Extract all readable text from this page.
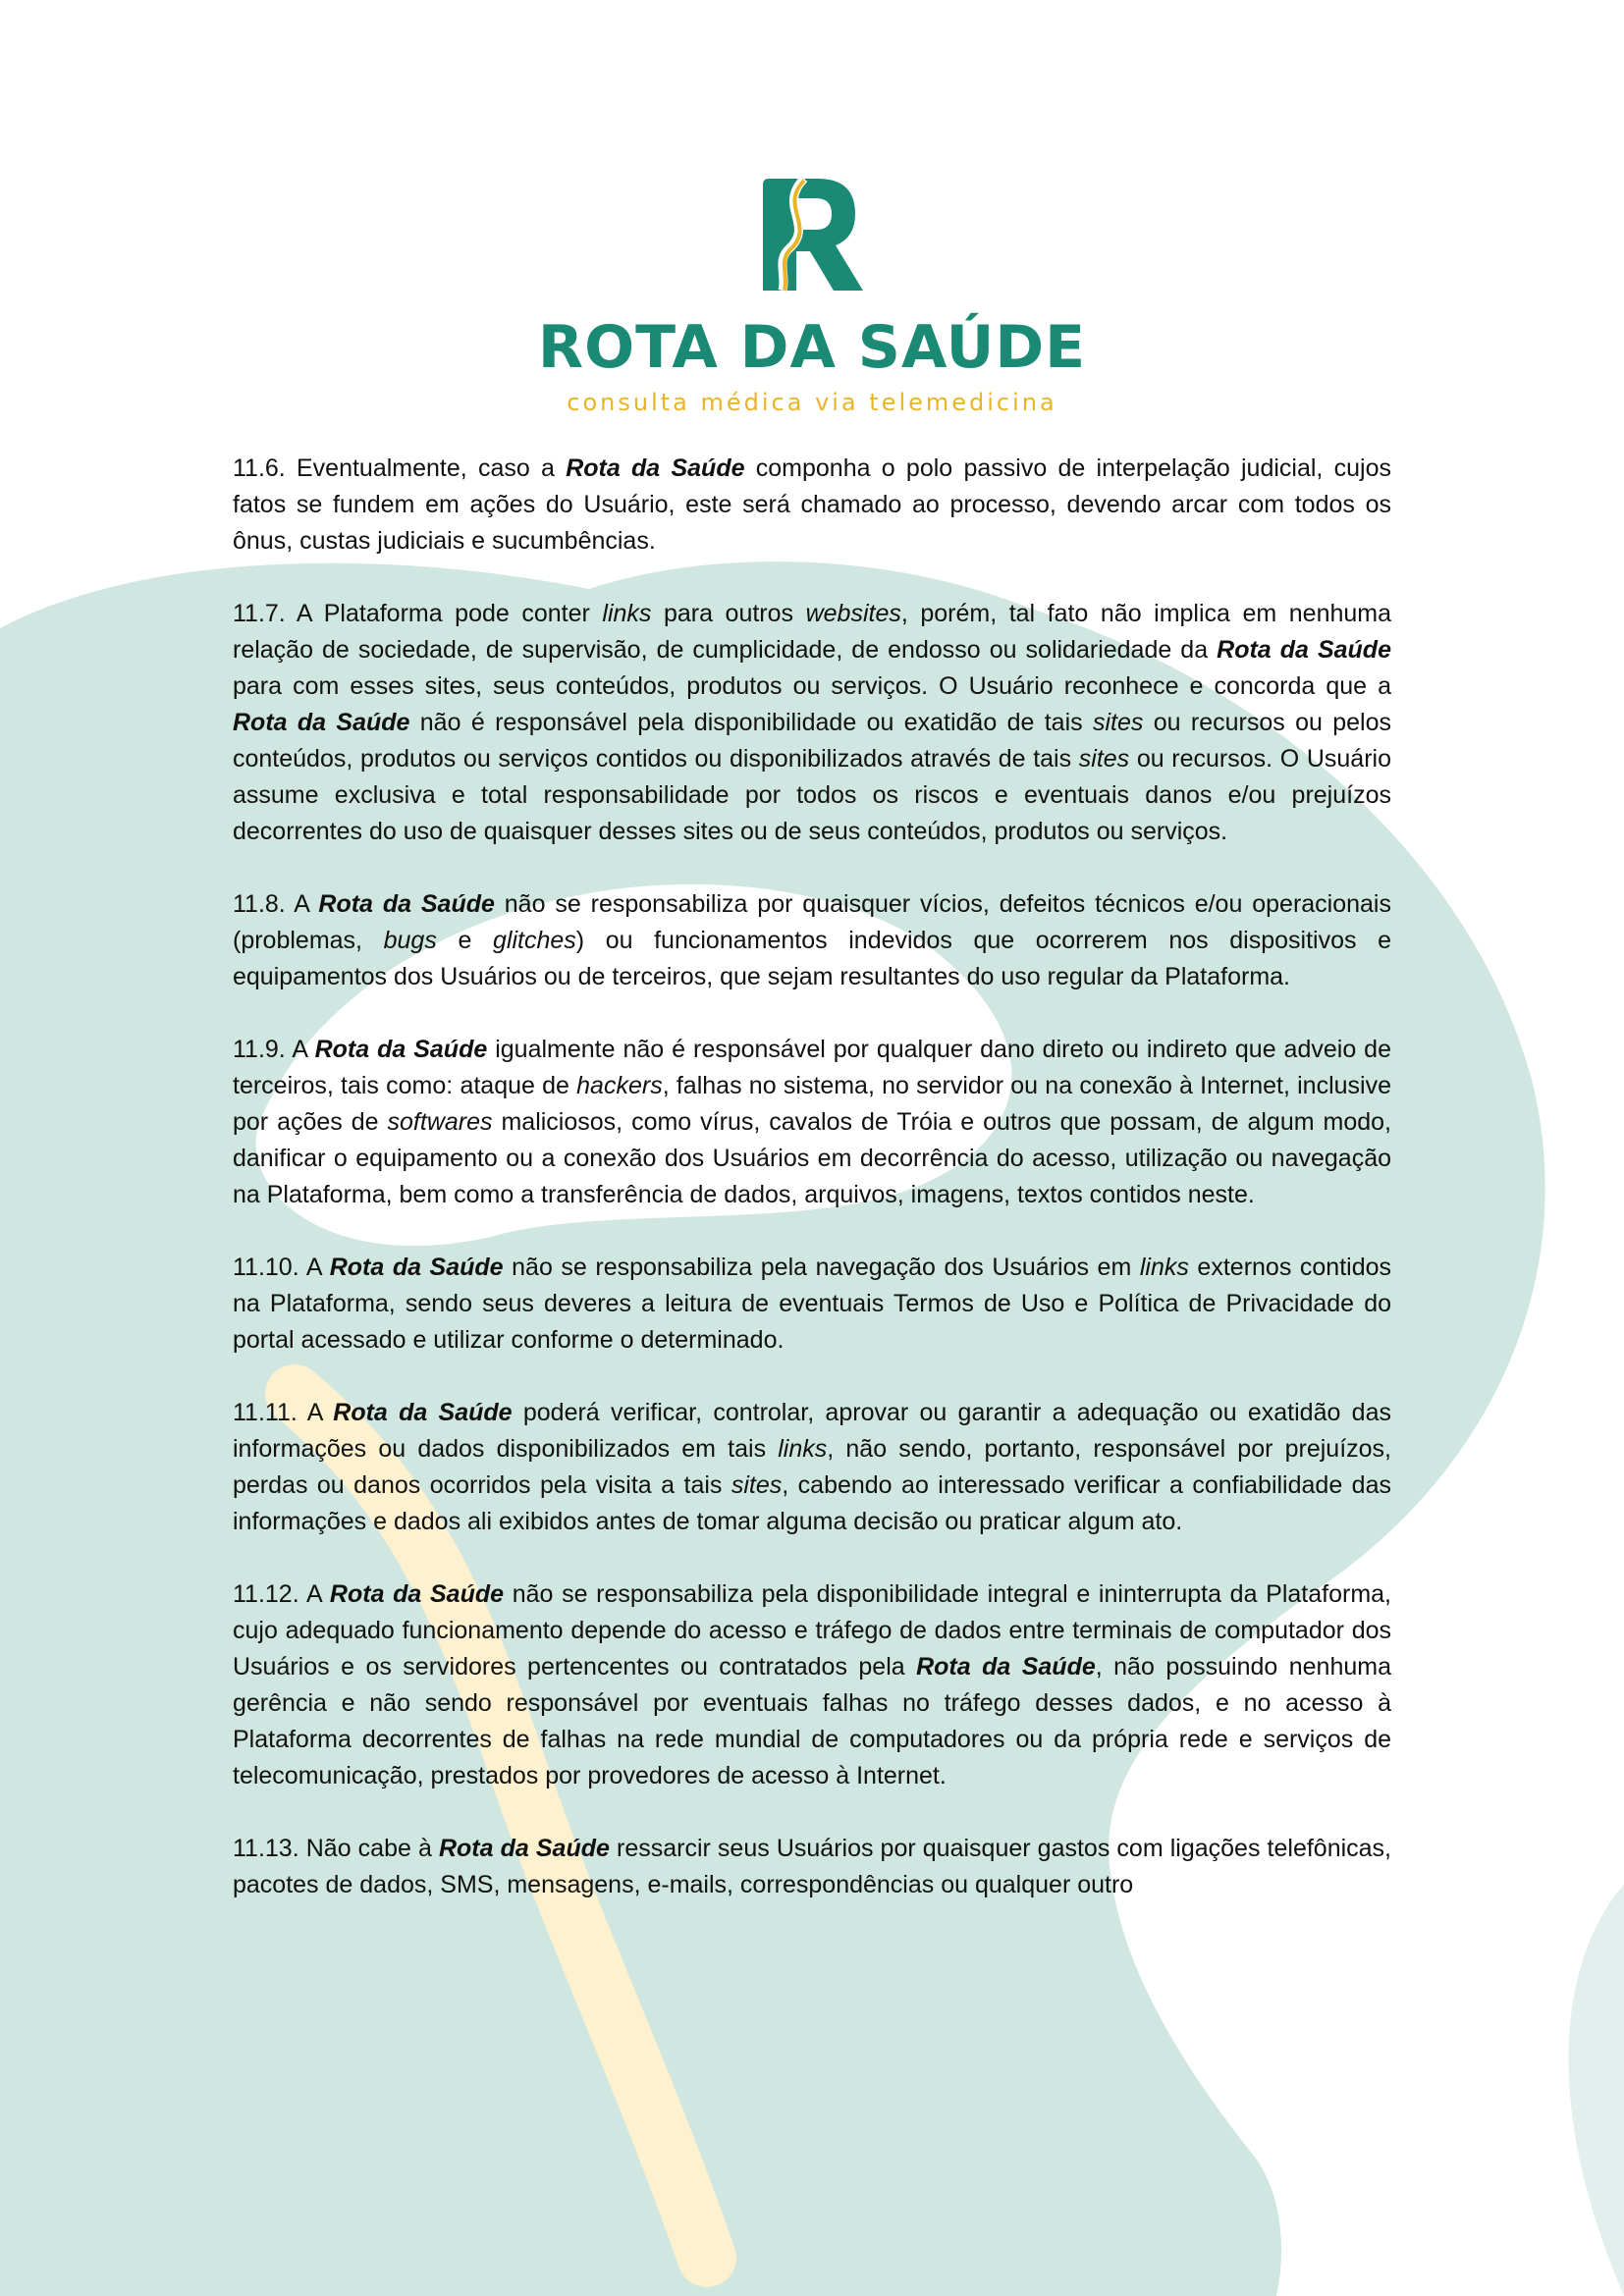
ROTA DA SAÚDE
consulta médica via telemedicina

11.6. Eventualmente, caso a Rota da Saúde componha o polo passivo de interpelação judicial, cujos fatos se fundem em ações do Usuário, este será chamado ao processo, devendo arcar com todos os ônus, custas judiciais e sucumbências.

11.7. A Plataforma pode conter links para outros websites, porém, tal fato não implica em nenhuma relação de sociedade, de supervisão, de cumplicidade, de endosso ou solidariedade da Rota da Saúde para com esses sites, seus conteúdos, produtos ou serviços. O Usuário reconhece e concorda que a Rota da Saúde não é responsável pela disponibilidade ou exatidão de tais sites ou recursos ou pelos conteúdos, produtos ou serviços contidos ou disponibilizados através de tais sites ou recursos. O Usuário assume exclusiva e total responsabilidade por todos os riscos e eventuais danos e/ou prejuízos decorrentes do uso de quaisquer desses sites ou de seus conteúdos, produtos ou serviços.

11.8. A Rota da Saúde não se responsabiliza por quaisquer vícios, defeitos técnicos e/ou operacionais (problemas, bugs e glitches) ou funcionamentos indevidos que ocorrerem nos dispositivos e equipamentos dos Usuários ou de terceiros, que sejam resultantes do uso regular da Plataforma.

11.9. A Rota da Saúde igualmente não é responsável por qualquer dano direto ou indireto que adveio de terceiros, tais como: ataque de hackers, falhas no sistema, no servidor ou na conexão à Internet, inclusive por ações de softwares maliciosos, como vírus, cavalos de Tróia e outros que possam, de algum modo, danificar o equipamento ou a conexão dos Usuários em decorrência do acesso, utilização ou navegação na Plataforma, bem como a transferência de dados, arquivos, imagens, textos contidos neste.

11.10. A Rota da Saúde não se responsabiliza pela navegação dos Usuários em links externos contidos na Plataforma, sendo seus deveres a leitura de eventuais Termos de Uso e Política de Privacidade do portal acessado e utilizar conforme o determinado.

11.11. A Rota da Saúde poderá verificar, controlar, aprovar ou garantir a adequação ou exatidão das informações ou dados disponibilizados em tais links, não sendo, portanto, responsável por prejuízos, perdas ou danos ocorridos pela visita a tais sites, cabendo ao interessado verificar a confiabilidade das informações e dados ali exibidos antes de tomar alguma decisão ou praticar algum ato.

11.12. A Rota da Saúde não se responsabiliza pela disponibilidade integral e ininterrupta da Plataforma, cujo adequado funcionamento depende do acesso e tráfego de dados entre terminais de computador dos Usuários e os servidores pertencentes ou contratados pela Rota da Saúde, não possuindo nenhuma gerência e não sendo responsável por eventuais falhas no tráfego desses dados, e no acesso à Plataforma decorrentes de falhas na rede mundial de computadores ou da própria rede e serviços de telecomunicação, prestados por provedores de acesso à Internet.

11.13. Não cabe à Rota da Saúde ressarcir seus Usuários por quaisquer gastos com ligações telefônicas, pacotes de dados, SMS, mensagens, e-mails, correspondências ou qualquer outro
